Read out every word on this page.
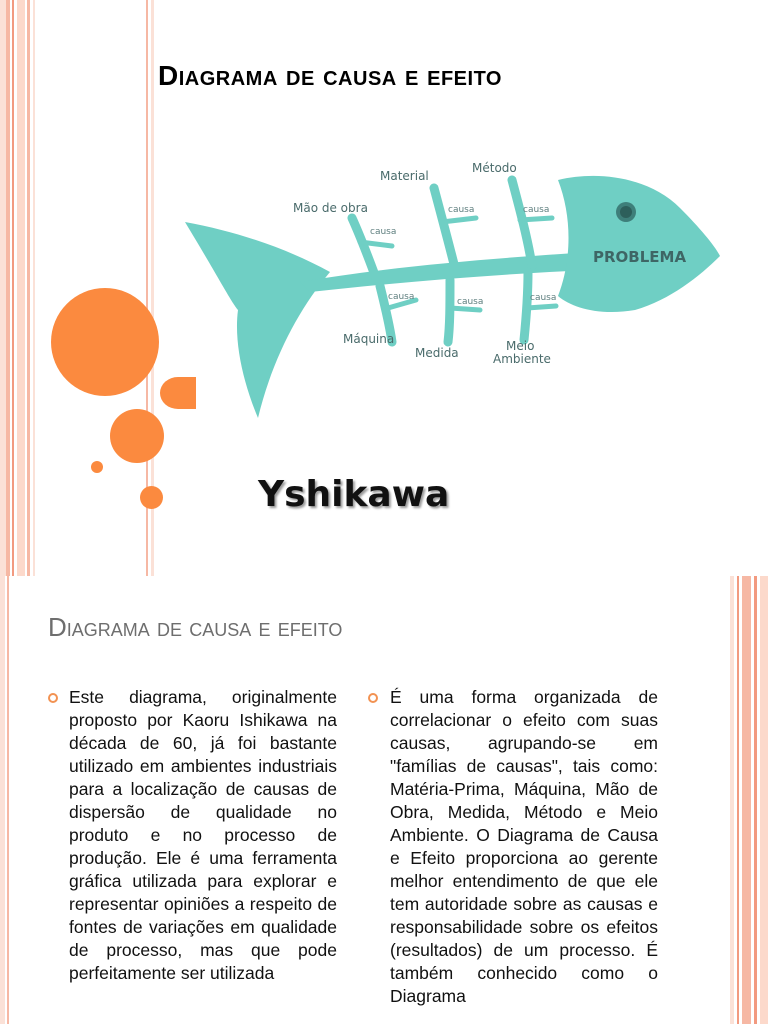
Diagrama de causa e efeito
PROBLEMA
Mão de obra
Material
Método
Máquina
Medida	Meio
Ambiente
causa
causa	causa
causa	causa	causa
Yshikawa
Diagrama de causa e efeito
Este diagrama, originalmente proposto por Kaoru Ishikawa na década de 60, já foi bastante utilizado em ambientes industriais para a localização de causas de dispersão de qualidade no produto e no processo de produção. Ele é uma ferramenta gráfica utilizada para explorar e representar opiniões a respeito de fontes de variações em qualidade de processo, mas que pode perfeitamente ser utilizada
É uma forma organizada de correlacionar o efeito com suas causas, agrupando-se em "famílias de causas", tais como: Matéria-Prima, Máquina, Mão de Obra, Medida, Método e Meio Ambiente. O Diagrama de Causa e Efeito proporciona ao gerente melhor entendimento de que ele tem autoridade sobre as causas e responsabilidade sobre os efeitos (resultados) de um processo. É também conhecido como o Diagrama
